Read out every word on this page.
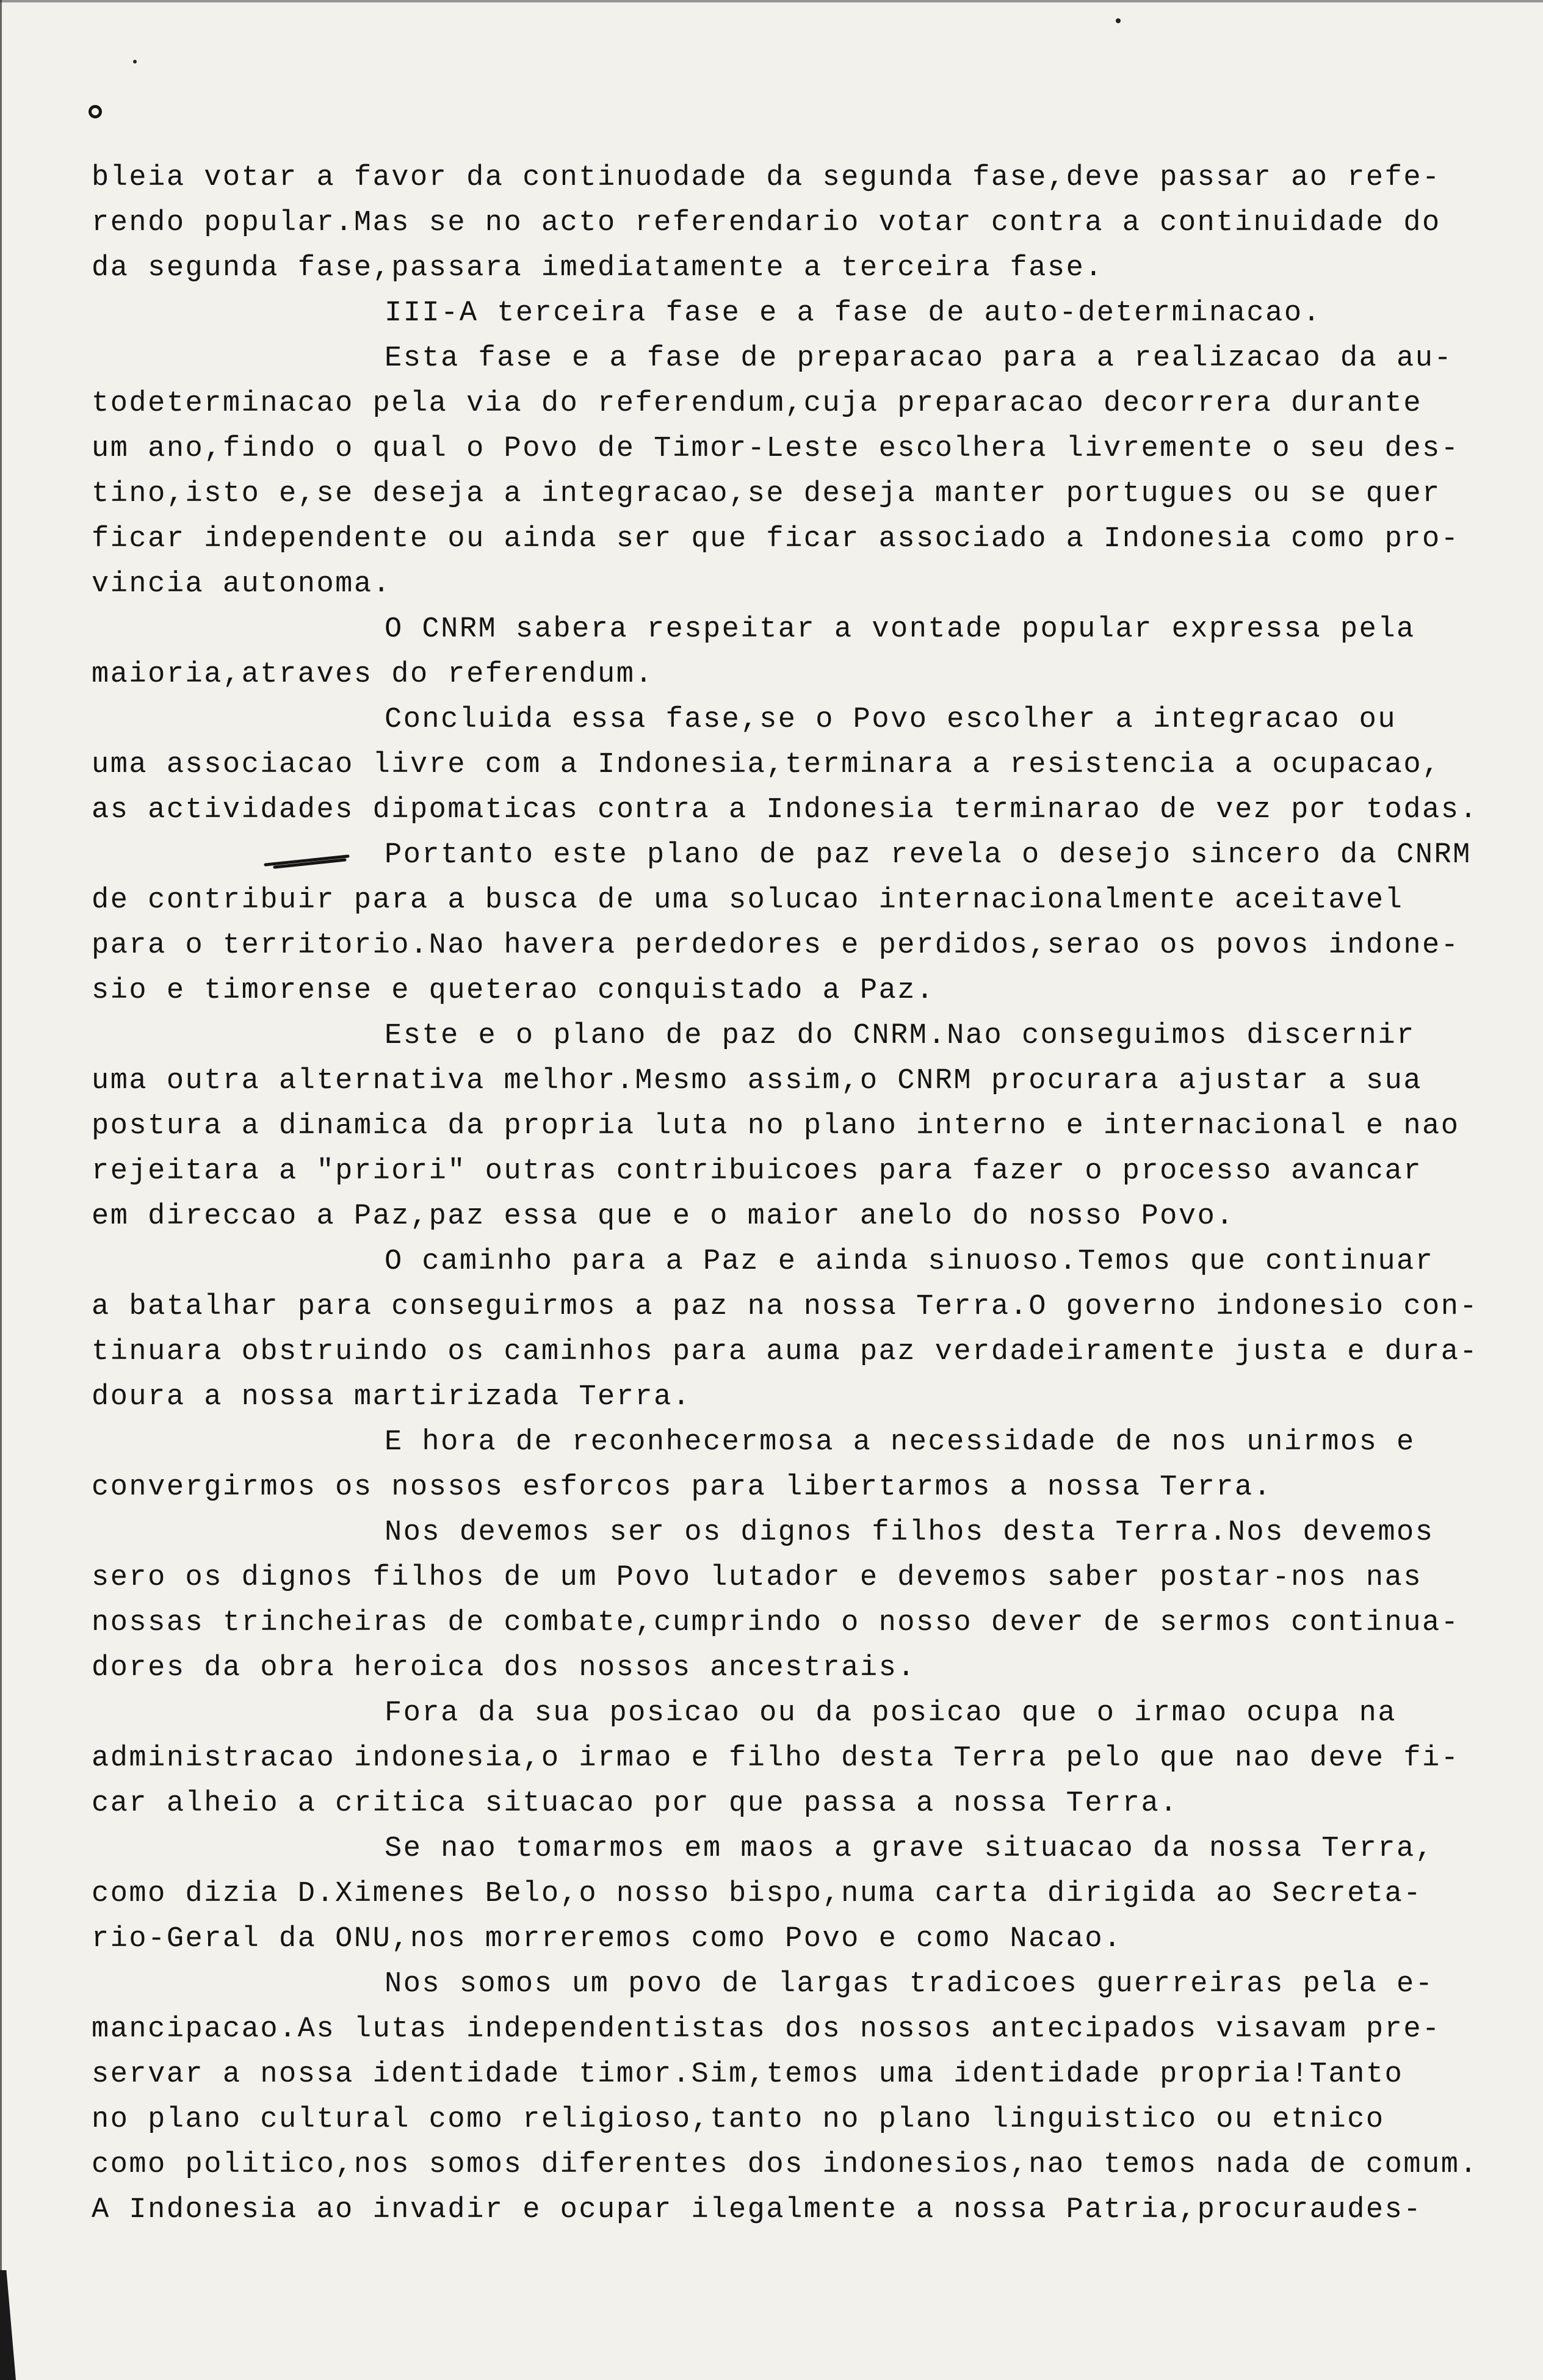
bleia votar a favor da continuodade da segunda fase,deve passar ao refe-
rendo popular.Mas se no acto referendario votar contra a continuidade do
da segunda fase,passara imediatamente a terceira fase.
III-A terceira fase e a fase de auto-determinacao.
Esta fase e a fase de preparacao para a realizacao da au-
todeterminacao pela via do referendum,cuja preparacao decorrera durante
um ano,findo o qual o Povo de Timor-Leste escolhera livremente o seu des-
tino,isto e,se deseja a integracao,se deseja manter portugues ou se quer
ficar independente ou ainda ser que ficar associado a Indonesia como pro-
vincia autonoma.
O CNRM sabera respeitar a vontade popular expressa pela
maioria,atraves do referendum.
Concluida essa fase,se o Povo escolher a integracao ou
uma associacao livre com a Indonesia,terminara a resistencia a ocupacao,
as actividades dipomaticas contra a Indonesia terminarao de vez por todas.
Portanto este plano de paz revela o desejo sincero da CNRM
de contribuir para a busca de uma solucao internacionalmente aceitavel
para o territorio.Nao havera perdedores e perdidos,serao os povos indone-
sio e timorense e queterao conquistado a Paz.
Este e o plano de paz do CNRM.Nao conseguimos discernir
uma outra alternativa melhor.Mesmo assim,o CNRM procurara ajustar a sua
postura a dinamica da propria luta no plano interno e internacional e nao
rejeitara a "priori" outras contribuicoes para fazer o processo avancar
em direccao a Paz,paz essa que e o maior anelo do nosso Povo.
O caminho para a Paz e ainda sinuoso.Temos que continuar
a batalhar para conseguirmos a paz na nossa Terra.O governo indonesio con-
tinuara obstruindo os caminhos para auma paz verdadeiramente justa e dura-
doura a nossa martirizada Terra.
E hora de reconhecermosa a necessidade de nos unirmos e
convergirmos os nossos esforcos para libertarmos a nossa Terra.
Nos devemos ser os dignos filhos desta Terra.Nos devemos
sero os dignos filhos de um Povo lutador e devemos saber postar-nos nas
nossas trincheiras de combate,cumprindo o nosso dever de sermos continua-
dores da obra heroica dos nossos ancestrais.
Fora da sua posicao ou da posicao que o irmao ocupa na
administracao indonesia,o irmao e filho desta Terra pelo que nao deve fi-
car alheio a critica situacao por que passa a nossa Terra.
Se nao tomarmos em maos a grave situacao da nossa Terra,
como dizia D.Ximenes Belo,o nosso bispo,numa carta dirigida ao Secreta-
rio-Geral da ONU,nos morreremos como Povo e como Nacao.
Nos somos um povo de largas tradicoes guerreiras pela e-
mancipacao.As lutas independentistas dos nossos antecipados visavam pre-
servar a nossa identidade timor.Sim,temos uma identidade propria!Tanto
no plano cultural como religioso,tanto no plano linguistico ou etnico
como politico,nos somos diferentes dos indonesios,nao temos nada de comum.
A Indonesia ao invadir e ocupar ilegalmente a nossa Patria,procuraudes-
